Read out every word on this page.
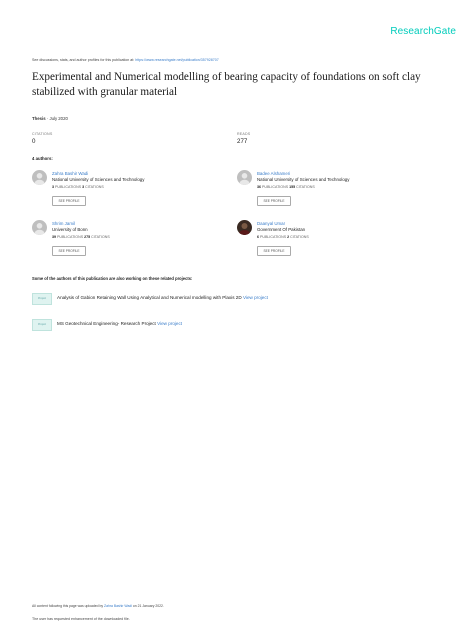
ResearchGate
See discussions, stats, and author profiles for this publication at: https://www.researchgate.net/publication/357928707
Experimental and Numerical modelling of bearing capacity of foundations on soft clay stabilized with granular material
Thesis · July 2020
CITATIONS
0
READS
277
4 authors:
Zahra Bashir Wadi
National University of Sciences and Technology
3 PUBLICATIONS 3 CITATIONS
SEE PROFILE
Badee Alshameri
National University of Sciences and Technology
36 PUBLICATIONS 155 CITATIONS
SEE PROFILE
Shrim Jamil
University of Bonn
39 PUBLICATIONS 275 CITATIONS
SEE PROFILE
Daanyal Umar
Government Of Pakistan
6 PUBLICATIONS 2 CITATIONS
SEE PROFILE
Some of the authors of this publication are also working on these related projects:
Project	Analysis of Gabion Retaining Wall Using Analytical and Numerical modelling with Plaxis 2D View project
Project	MS Geotechnical Engineering- Research Project View project
All content following this page was uploaded by Zahra Bashir Wadi on 21 January 2022.
The user has requested enhancement of the downloaded file.
